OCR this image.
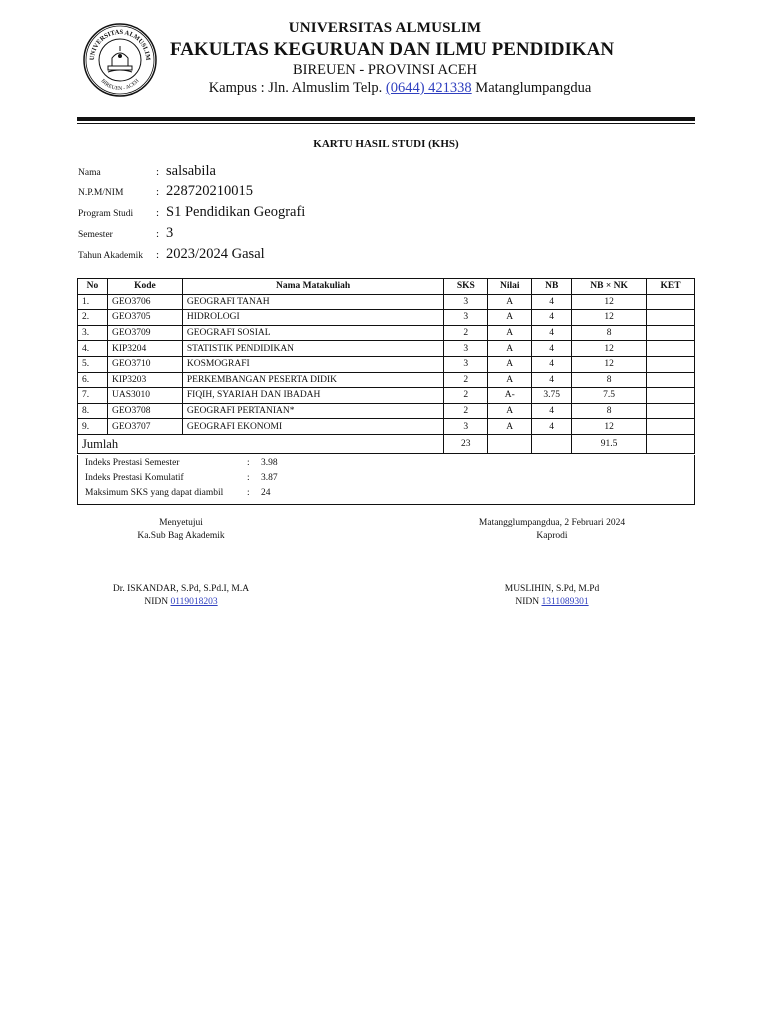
UNIVERSITAS ALMUSLIM
BIREUEN - ACEH
UNIVERSITAS ALMUSLIM
FAKULTAS KEGURUAN DAN ILMU PENDIDIKAN
BIREUEN - PROVINSI ACEH
Kampus : Jln. Almuslim Telp. (0644) 421338 Matanglumpangdua
KARTU HASIL STUDI (KHS)
Nama	: salsabila
N.P.M/NIM	: 228720210015
Program Studi : S1 Pendidikan Geografi
Semester	: 3
Tahun Akademik : 2023/2024 Gasal
No	Kode	Nama Matakuliah	SKS	Nilai	NB	NB × NK	KET
1.	GEO3706	GEOGRAFI TANAH	3	A	4	12	
2.	GEO3705	HIDROLOGI	3	A	4	12	
3.	GEO3709	GEOGRAFI SOSIAL	2	A	4	8	
4.	KIP3204	STATISTIK PENDIDIKAN	3	A	4	12	
5.	GEO3710	KOSMOGRAFI	3	A	4	12	
6.	KIP3203	PERKEMBANGAN PESERTA DIDIK	2	A	4	8	
7.	UAS3010	FIQIH, SYARIAH DAN IBADAH	2	A-	3.75	7.5	
8.	GEO3708	GEOGRAFI PERTANIAN*	2	A	4	8	
9.	GEO3707	GEOGRAFI EKONOMI	3	A	4	12	
Jumlah			23			91.5	
Indeks Prestasi Semester	: 3.98
Indeks Prestasi Komulatif	: 3.87
Maksimum SKS yang dapat diambil : 24
Menyetujui
Ka.Sub Bag Akademik
Dr. ISKANDAR, S.Pd, S.Pd.I, M.A
NIDN 0119018203
Matangglumpangdua, 2 Februari 2024
Kaprodi
MUSLIHIN, S.Pd, M.Pd
NIDN 1311089301
